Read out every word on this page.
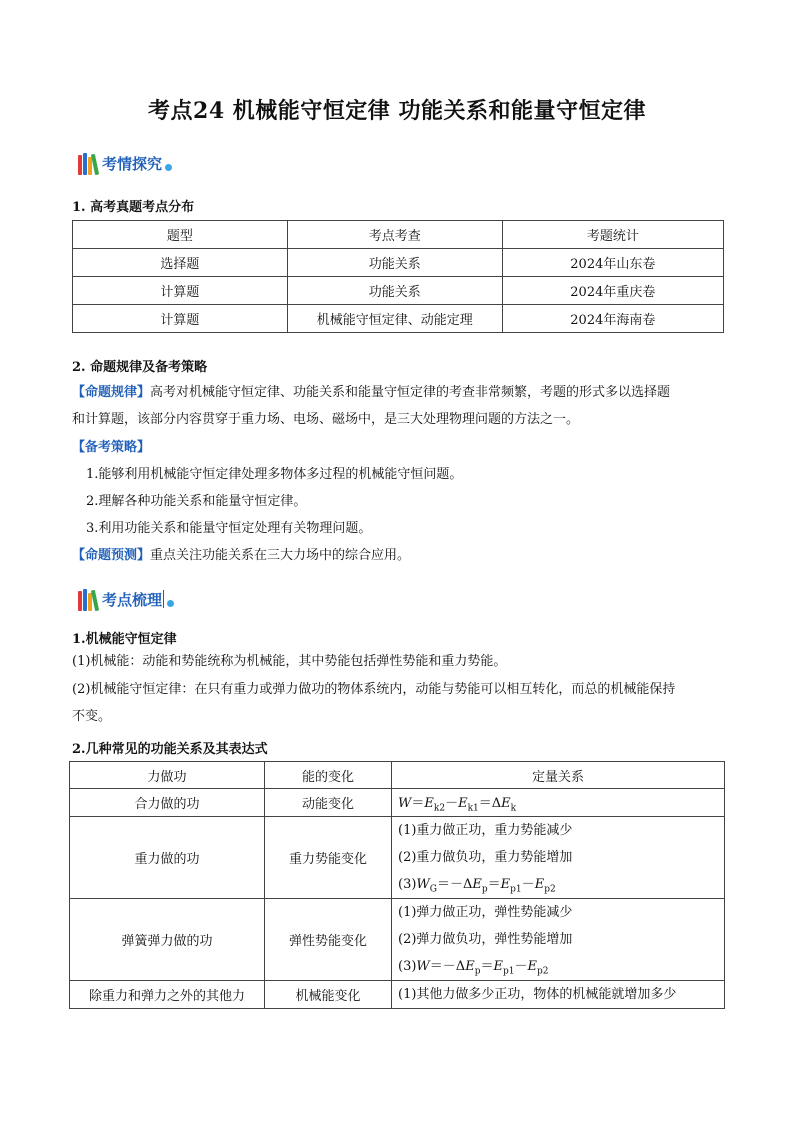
考点24 机械能守恒定律 功能关系和能量守恒定律
考情探究
1. 高考真题考点分布
题型	考点考查	考题统计
选择题	功能关系	2024年山东卷
计算题	功能关系	2024年重庆卷
计算题	机械能守恒定律、动能定理	2024年海南卷
2. 命题规律及备考策略
【命题规律】高考对机械能守恒定律、功能关系和能量守恒定律的考查非常频繁，考题的形式多以选择题
和计算题，该部分内容贯穿于重力场、电场、磁场中，是三大处理物理问题的方法之一。
【备考策略】
1.能够利用机械能守恒定律处理多物体多过程的机械能守恒问题。
2.理解各种功能关系和能量守恒定律。
3.利用功能关系和能量守恒定处理有关物理问题。
【命题预测】重点关注功能关系在三大力场中的综合应用。
考点梳理
1.机械能守恒定律
(1)机械能：动能和势能统称为机械能，其中势能包括弹性势能和重力势能。
(2)机械能守恒定律：在只有重力或弹力做功的物体系统内，动能与势能可以相互转化，而总的机械能保持
不变。
2.几种常见的功能关系及其表达式
力做功	能的变化	定量关系
合力做的功	动能变化	$W=E_{k2}-E_{k1}=\Delta E_k$
重力做的功	重力势能变化	(1)重力做正功，重力势能减少
(2)重力做负功，重力势能增加
$(3)W_G=-\Delta E_p=E_{p1}-E_{p2}$

弹簧弹力做的功	弹性势能变化	(1)弹力做正功，弹性势能减少
(2)弹力做负功，弹性势能增加
$(3)W=-\Delta E_p=E_{p1}-E_{p2}$

除重力和弹力之外的其他力	机械能变化	(1)其他力做多少正功，物体的机械能就增加多少
